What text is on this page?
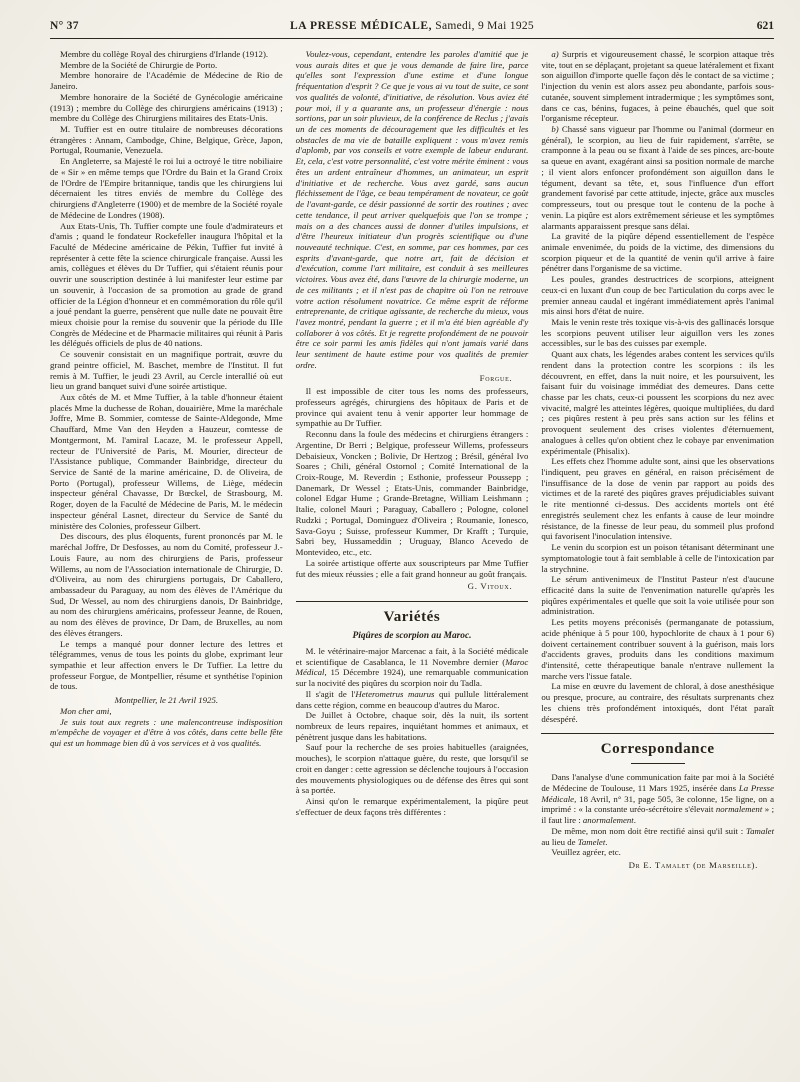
N° 37	LA PRESSE MÉDICALE, Samedi, 9 Mai 1925	621

Membre du collège Royal des chirurgiens d'Irlande (1912).

Membre de la Société de Chirurgie de Porto.

Membre honoraire de l'Académie de Médecine de Rio de Janeiro.

Membre honoraire de la Société de Gynécologie américaine (1913) ; membre du Collège des chirurgiens américains (1913) ; membre du Collège des Chirurgiens militaires des Etats-Unis.

M. Tuffier est en outre titulaire de nombreuses décorations étrangères : Annam, Cambodge, Chine, Belgique, Grèce, Japon, Portugal, Roumanie, Venezuela.

En Angleterre, sa Majesté le roi lui a octroyé le titre nobiliaire de « Sir » en même temps que l'Ordre du Bain et la Grand Croix de l'Ordre de l'Empire britannique, tandis que les chirurgiens lui décernaient les titres enviés de membre du Collège des chirurgiens d'Angleterre (1900) et de membre de la Société royale de Médecine de Londres (1908).

Aux Etats-Unis, Th. Tuffier compte une foule d'admirateurs et d'amis ; quand le fondateur Rockefeller inaugura l'hôpital et la Faculté de Médecine américaine de Pékin, Tuffier fut invité à représenter à cette fête la science chirurgicale française. Aussi les amis, collègues et élèves du Dr Tuffier, qui s'étaient réunis pour ouvrir une souscription destinée à lui manifester leur estime par un souvenir, à l'occasion de sa promotion au grade de grand officier de la Légion d'honneur et en commémoration du rôle qu'il a joué pendant la guerre, pensèrent que nulle date ne pouvait être mieux choisie pour la remise du souvenir que la période du IIIe Congrès de Médecine et de Pharmacie militaires qui réunit à Paris les délégués officiels de plus de 40 nations.

Ce souvenir consistait en un magnifique portrait, œuvre du grand peintre officiel, M. Baschet, membre de l'Institut. Il fut remis à M. Tuffier, le jeudi 23 Avril, au Cercle interallié où eut lieu un grand banquet suivi d'une soirée artistique.

Aux côtés de M. et Mme Tuffier, à la table d'honneur étaient placés Mme la duchesse de Rohan, douairière, Mme la maréchale Joffre, Mme B. Sommier, comtesse de Sainte-Aldegonde, Mme Chauffard, Mme Van den Heyden a Hauzeur, comtesse de Montgermont, M. l'amiral Lacaze, M. le professeur Appell, recteur de l'Université de Paris, M. Mourier, directeur de l'Assistance publique, Commander Bainbridge, directeur du Service de Santé de la marine américaine, D. de Oliveira, de Porto (Portugal), professeur Willems, de Liège, médecin inspecteur général Chavasse, Dr Bœckel, de Strasbourg, M. Roger, doyen de la Faculté de Médecine de Paris, M. le médecin inspecteur général Lasnet, directeur du Service de Santé du ministère des Colonies, professeur Gilbert.

Des discours, des plus éloquents, furent prononcés par M. le maréchal Joffre, Dr Desfosses, au nom du Comité, professeur J.-Louis Faure, au nom des chirurgiens de Paris, professeur Willems, au nom de l'Association internationale de Chirurgie, D. d'Oliveira, au nom des chirurgiens portugais, Dr Caballero, ambassadeur du Paraguay, au nom des élèves de l'Amérique du Sud, Dr Wessel, au nom des chirurgiens danois, Dr Bainbridge, au nom des chirurgiens américains, professeur Jeanne, de Rouen, au nom des élèves de province, Dr Dam, de Bruxelles, au nom des élèves étrangers.

Le temps a manqué pour donner lecture des lettres et télégrammes, venus de tous les points du globe, exprimant leur sympathie et leur affection envers le Dr Tuffier. La lettre du professeur Forgue, de Montpellier, résume et synthétise l'opinion de tous.

Montpellier, le 21 Avril 1925.

Mon cher ami,

Je suis tout aux regrets : une malencontreuse indisposition m'empêche de voyager et d'être à vos côtés, dans cette belle fête qui est un hommage bien dû à vos services et à vos qualités.

Voulez-vous, cependant, entendre les paroles d'amitié que je vous aurais dites et que je vous demande de faire lire, parce qu'elles sont l'expression d'une estime et d'une longue fréquentation d'esprit ? Ce que je vous ai vu tout de suite, ce sont vos qualités de volonté, d'initiative, de résolution. Vous aviez été pour moi, il y a quarante ans, un professeur d'énergie : nous sortions, par un soir pluvieux, de la conférence de Reclus ; j'avais un de ces moments de découragement que les difficultés et les obstacles de ma vie de bataille expliquent : vous m'avez remis d'aplomb, par vos conseils et votre exemple de labeur endurant. Et, cela, c'est votre personnalité, c'est votre mérite éminent : vous êtes un ardent entraîneur d'hommes, un animateur, un esprit d'initiative et de recherche. Vous avez gardé, sans aucun fléchissement de l'âge, ce beau tempérament de novateur, ce goût de l'avant-garde, ce désir passionné de sortir des routines ; avec cette tendance, il peut arriver quelquefois que l'on se trompe ; mais on a des chances aussi de donner d'utiles impulsions, et d'être l'heureux initiateur d'un progrès scientifique ou d'une nouveauté technique. C'est, en somme, par ces hommes, par ces esprits d'avant-garde, que notre art, fait de décision et d'exécution, comme l'art militaire, est conduit à ses meilleures victoires. Vous avez été, dans l'œuvre de la chirurgie moderne, un de ces militants ; et il n'est pas de chapitre où l'on ne retrouve votre action résolument novatrice. Ce même esprit de réforme entreprenante, de critique agissante, de recherche du mieux, vous l'avez montré, pendant la guerre ; et il m'a été bien agréable d'y collaborer à vos côtés. Et je regrette profondément de ne pouvoir être ce soir parmi les amis fidèles qui n'ont jamais varié dans leur sentiment de haute estime pour vos qualités de premier ordre.

Forgue.

Il est impossible de citer tous les noms des professeurs, professeurs agrégés, chirurgiens des hôpitaux de Paris et de province qui avaient tenu à venir apporter leur hommage de sympathie au Dr Tuffier.

Reconnu dans la foule des médecins et chirurgiens étrangers : Argentine, Dr Berri ; Belgique, professeur Willems, professeurs Debaisieux, Voncken ; Bolivie, Dr Hertzog ; Brésil, général Ivo Soares ; Chili, général Ostornol ; Comité International de la Croix-Rouge, M. Reverdin ; Esthonie, professeur Poussepp ; Danemark, Dr Wessel ; Etats-Unis, commander Bainbridge, colonel Edgar Hume ; Grande-Bretagne, William Leishmann ; Italie, colonel Mauri ; Paraguay, Caballero ; Pologne, colonel Rudzki ; Portugal, Dominguez d'Oliveira ; Roumanie, Ionesco, Sava-Goyu ; Suisse, professeur Kummer, Dr Krafft ; Turquie, Sabri bey, Hussameddin ; Uruguay, Blanco Acevedo de Montevideo, etc., etc.

La soirée artistique offerte aux souscripteurs par Mme Tuffier fut des mieux réussies ; elle a fait grand honneur au goût français.

G. Vitoux.

Variétés
Piqûres de scorpion au Maroc.

M. le vétérinaire-major Marcenac a fait, à la Société médicale et scientifique de Casablanca, le 11 Novembre dernier (Maroc Médical, 15 Décembre 1924), une remarquable communication sur la nocivité des piqûres du scorpion noir du Tadla.

Il s'agit de l'Heterometrus maurus qui pullule littéralement dans cette région, comme en beaucoup d'autres du Maroc.

De Juillet à Octobre, chaque soir, dès la nuit, ils sortent nombreux de leurs repaires, inquiétant hommes et animaux, et pénètrent jusque dans les habitations.

Sauf pour la recherche de ses proies habituelles (araignées, mouches), le scorpion n'attaque guère, du reste, que lorsqu'il se croit en danger : cette agression se déclenche toujours à l'occasion des mouvements physiologiques ou de défense des êtres qui sont à sa portée.

Ainsi qu'on le remarque expérimentalement, la piqûre peut s'effectuer de deux façons très différentes :

a) Surpris et vigoureusement chassé, le scorpion attaque très vite, tout en se déplaçant, projetant sa queue latéralement et fixant son aiguillon d'importe quelle façon dès le contact de sa victime ; l'injection du venin est alors assez peu abondante, parfois sous-cutanée, souvent simplement intradermique ; les symptômes sont, dans ce cas, bénins, fugaces, à peine ébauchés, quel que soit l'organisme récepteur.

b) Chassé sans vigueur par l'homme ou l'animal (dormeur en général), le scorpion, au lieu de fuir rapidement, s'arrête, se cramponne à la peau ou se fixant à l'aide de ses pinces, arc-boute sa queue en avant, exagérant ainsi sa position normale de marche ; il vient alors enfoncer profondément son aiguillon dans le tégument, devant sa tête, et, sous l'influence d'un effort grandement favorisé par cette attitude, injecte, grâce aux muscles compresseurs, tout ou presque tout le contenu de la poche à venin. La piqûre est alors extrêmement sérieuse et les symptômes alarmants apparaissent presque sans délai.

La gravité de la piqûre dépend essentiellement de l'espèce animale envenimée, du poids de la victime, des dimensions du scorpion piqueur et de la quantité de venin qu'il arrive à faire pénétrer dans l'organisme de sa victime.

Les poules, grandes destructrices de scorpions, atteignent ceux-ci en luxant d'un coup de bec l'articulation du corps avec le premier anneau caudal et ingérant immédiatement après l'animal mis ainsi hors d'état de nuire.

Mais le venin reste très toxique vis-à-vis des gallinacés lorsque les scorpions peuvent utiliser leur aiguillon vers les zones accessibles, sur le bas des cuisses par exemple.

Quant aux chats, les légendes arabes content les services qu'ils rendent dans la protection contre les scorpions : ils les découvrent, en effet, dans la nuit noire, et les poursuivent, les faisant fuir du voisinage immédiat des demeures. Dans cette chasse par les chats, ceux-ci poussent les scorpions du nez avec vivacité, malgré les atteintes légères, quoique multipliées, du dard ; ces piqûres restent à peu près sans action sur les félins et provoquent seulement des crises violentes d'éternuement, analogues à celles qu'on obtient chez le cobaye par envenimation expérimentale (Phisalix).

Les effets chez l'homme adulte sont, ainsi que les observations l'indiquent, peu graves en général, en raison précisément de l'insuffisance de la dose de venin par rapport au poids des victimes et de la rareté des piqûres graves préjudiciables suivant le rite mentionné ci-dessus. Des accidents mortels ont été enregistrés seulement chez les enfants à cause de leur moindre résistance, de la finesse de leur peau, du sommeil plus profond qui favorisent l'inoculation intensive.

Le venin du scorpion est un poison tétanisant déterminant une symptomatologie tout à fait semblable à celle de l'intoxication par la strychnine.

Le sérum antivenimeux de l'Institut Pasteur n'est d'aucune efficacité dans la suite de l'envenimation naturelle qu'après les piqûres expérimentales et quelle que soit la voie utilisée pour son administration.

Les petits moyens préconisés (permanganate de potassium, acide phénique à 5 pour 100, hypochlorite de chaux à 1 pour 6) doivent certainement contribuer souvent à la guérison, mais lors d'accidents graves, produits dans les conditions maximum d'intensité, cette thérapeutique banale n'entrave nullement la marche vers l'issue fatale.

La mise en œuvre du lavement de chloral, à dose anesthésique ou presque, procure, au contraire, des résultats surprenants chez les chiens très profondément intoxiqués, dont l'état paraît désespéré.

Correspondance

Dans l'analyse d'une communication faite par moi à la Société de Médecine de Toulouse, 11 Mars 1925, insérée dans La Presse Médicale, 18 Avril, n° 31, page 505, 3e colonne, 15e ligne, on a imprimé : « la constante uréo-sécrétoire s'élevait normalement » ; il faut lire : anormalement.

De même, mon nom doit être rectifié ainsi qu'il suit : Tamalet au lieu de Tamelet.

Veuillez agréer, etc.

Dr E. Tamalet (de Marseille).
